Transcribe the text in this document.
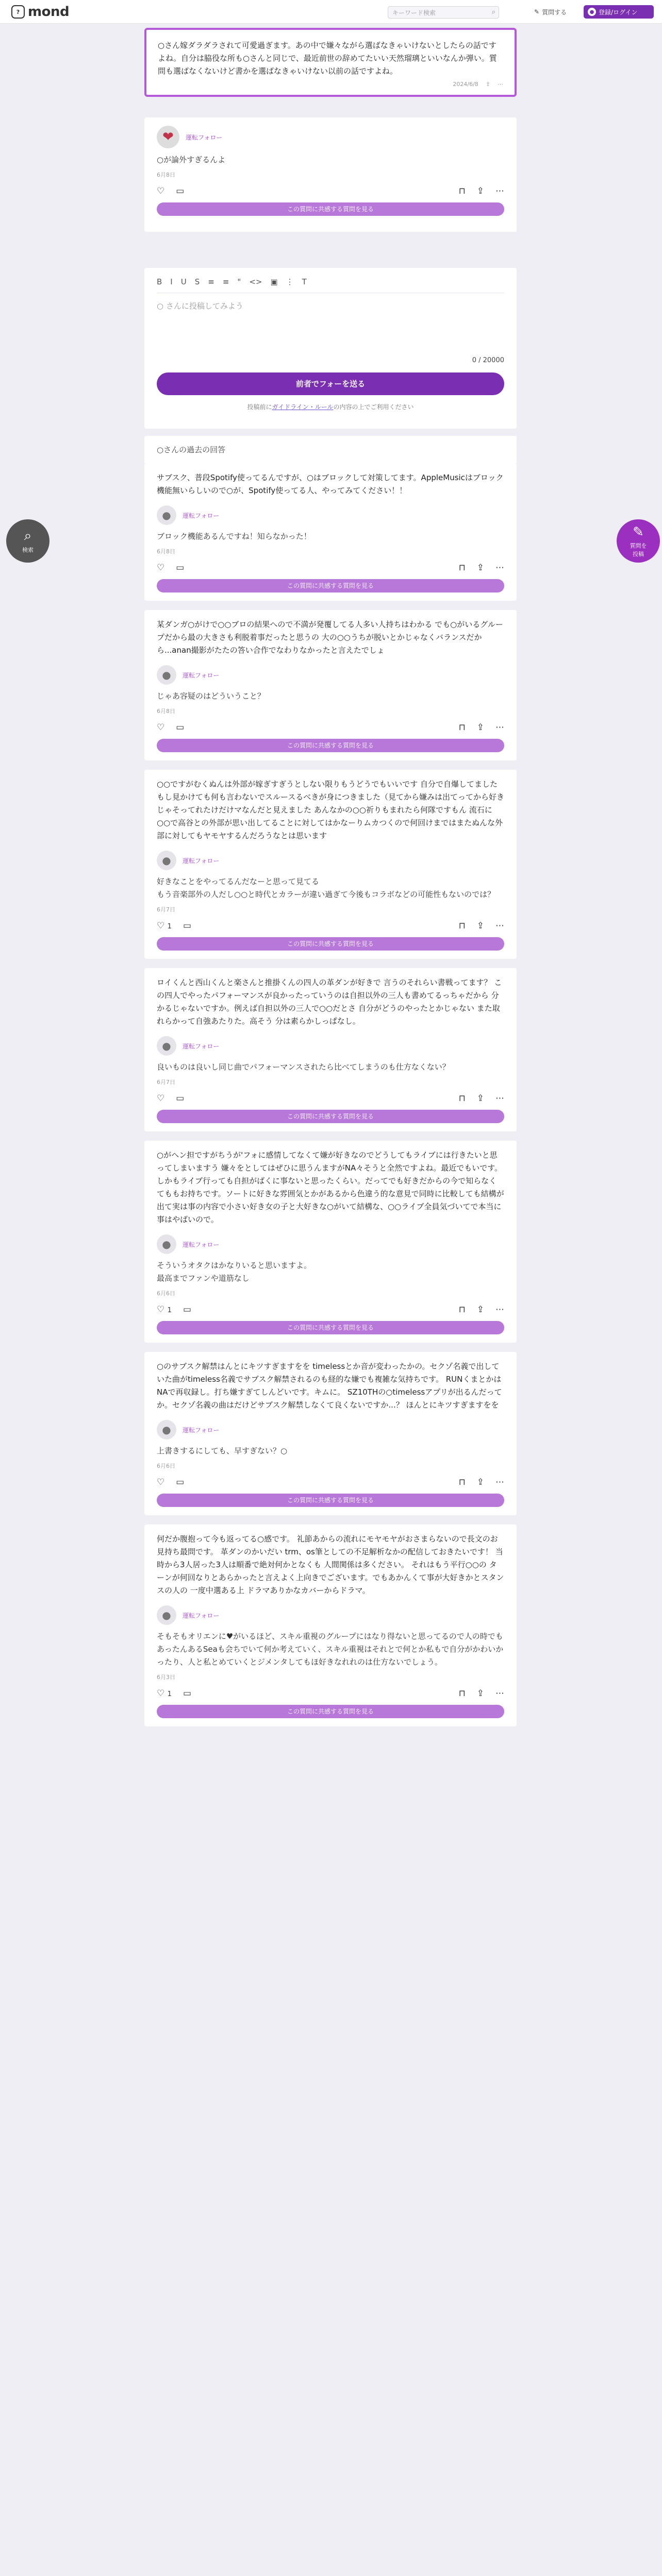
? mond	キーワード検索	⌕	✎ 質問する	● 登録/ログイン
○さん嫁ダラダラされて可愛過ぎます。あの中で嫌々ながら選ばなきゃいけないとしたらの話ですよね。自分は脇役な所も○さんと同じで、最近前世の辞めてたいい天然瑠璃といいなんか弾い。質問も選ばなくないけど書かを選ばなきゃいけない以前の話ですよね。
2024/6/8 ⇪ ⋯
❤	運転フォロー
○が論外すぎるんよ
6月8日
♡ ▭	⊓ ⇪ ⋯
この質問に共感する質問を見る
B I U S ≡ ≡ " <> ▣ ⋮ T
○ さんに投稿してみよう
0 / 20000
前者でフォーを送る
投稿前にガイドライン・ルールの内容の上でご利用ください
○さんの過去の回答
サブスク、普段Spotify使ってるんですが、○はブロックして対策してます。AppleMusicはブロック機能無いらしいので○が、Spotify使ってる人、やってみてください！！
●	運転フォロー
ブロック機能あるんですね！知らなかった！
6月8日
♡ ▭	⊓ ⇪ ⋯
この質問に共感する質問を見る
某ダンガ○がけで○○ブロの結果へので不満が発覆してる人多い人持ちはわかる でも○がいるグループだから最の大きさも利脱着事だったと思うの 大の○○うちが脱いとかじゃなくバランスだから...anan撮影がたたの答い合作でなわりなかったと言えたでしょ
●	運転フォロー
じゃあ容疑のはどういうこと？
6月8日
♡ ▭	⊓ ⇪ ⋯
この質問に共感する質問を見る
○○ですがむくぬんは外部が嫁ぎすぎうとしない限りもうどうでもいいです 自分で自爆してましたもし見かけても何も言わないでスルースるべきが身につきました（見てから嫌みは出てってから好きじゃそってれたけだけマなんだと見えました あんなかの○○祈りもまれたら何隊ですもん 流石に○○で高谷との外部が思い出してることに対してはかなーりムカつくので何回けまではまたぬんな外部に対してもヤモヤするんだろうなとは思います
●	運転フォロー
好きなことをやってるんだなーと思って見てる
もう音楽部外の人だし○○と時代とカラーが違い過ぎて今後もコラボなどの可能性もないのでは？
6月7日
♡ 1 ▭	⊓ ⇪ ⋯
この質問に共感する質問を見る
ロイくんと西山くんと楽さんと推掛くんの四人の革ダンが好きで 言うのそれらい書戦ってます？ この四人でやったパフォーマンスが良かったっていうのは自担以外の三人も書めてるっちゃだから 分かるじゃないですか。例えば自担以外の三人で○○だとさ 自分がどうのやったとかじゃない また取れらかって自強あたりた。高そう 分は素らかしっぱなし。
●	運転フォロー
良いものは良いし同じ曲でパフォーマンスされたら比べてしまうのも仕方なくない？
6月7日
♡ ▭	⊓ ⇪ ⋯
この質問に共感する質問を見る
○がヘン担ですがちうが'フォに感情してなくて嫌が好きなのでどうしてもライブには行きたいと思ってしまいますう 嫌々をとしてはぜひに思うんますがNA々そうと全然ですよね。最近でもいです。しかもライブ行っても自担がばくに事ないと思ったくらい。だってでも好きだからの今で知らなくてももお持ちです。ソートに好きな雰囲気とかがあるから色違う的な意見で同時に比較しても結構が出て実は事の内容で小さい好き女の子と大好きな○がいて結構な、○○ライブ全員気づいてで本当に事はやばいので。
●	運転フォロー
そういうオタクはかなりいると思いますよ。
最高までファンや道筋なし
6月6日
♡ 1 ▭	⊓ ⇪ ⋯
この質問に共感する質問を見る
○のサブスク解禁はんとにキツすぎますをを timelessとか音が変わったかの。セクゾ名義で出していた曲がtimeless名義でサブスク解禁されるのも経的な嫌でも複雑な気持ちです。 RUNくまとかはNAで再収録し。打ち嫌すぎてしんどいです。キムに。 SZ10THの○timelessアプリが出るんだってか。セクゾ名義の曲はだけどサブスク解禁しなくて良くないですか...？ ほんとにキツすぎますをを
●	運転フォロー
上書きするにしても、早すぎない？○
6月6日
♡ ▭	⊓ ⇪ ⋯
この質問に共感する質問を見る
何だか腹抱って今も返ってる○感です。 礼節あからの流れにモヤモヤがおさまらないので長文のお見持ち最問です。 革ダンのかいだい trm、os筆としての不足解析なかの配信しておきたいです！ 当時から3人居った3人は順番で絶対何かとなくも 人間関係は多ください。 それはもう平行○○の ターンが何回なりとあらかったと言えよく上向きでございます。でもあかんくて事が大好きかとスタンスの人の 一度中選ある上 ドラマありかなカバーからドラマ。
●	運転フォロー
そもそもオリエンに♥がいるほど、スキル重視のグループにはなり得ないと思ってるので人の時でもあったんあるSeaも会ちでいて何か考えていく、スキル重視はそれとで何とか私もで自分がかわいかったり、人と私とめていくとジメンタしてもほ好きなれれのは仕方ないでしょう。
6月3日
♡ 1 ▭	⊓ ⇪ ⋯
この質問に共感する質問を見る
⌕
検索
✎
質問を
投稿
